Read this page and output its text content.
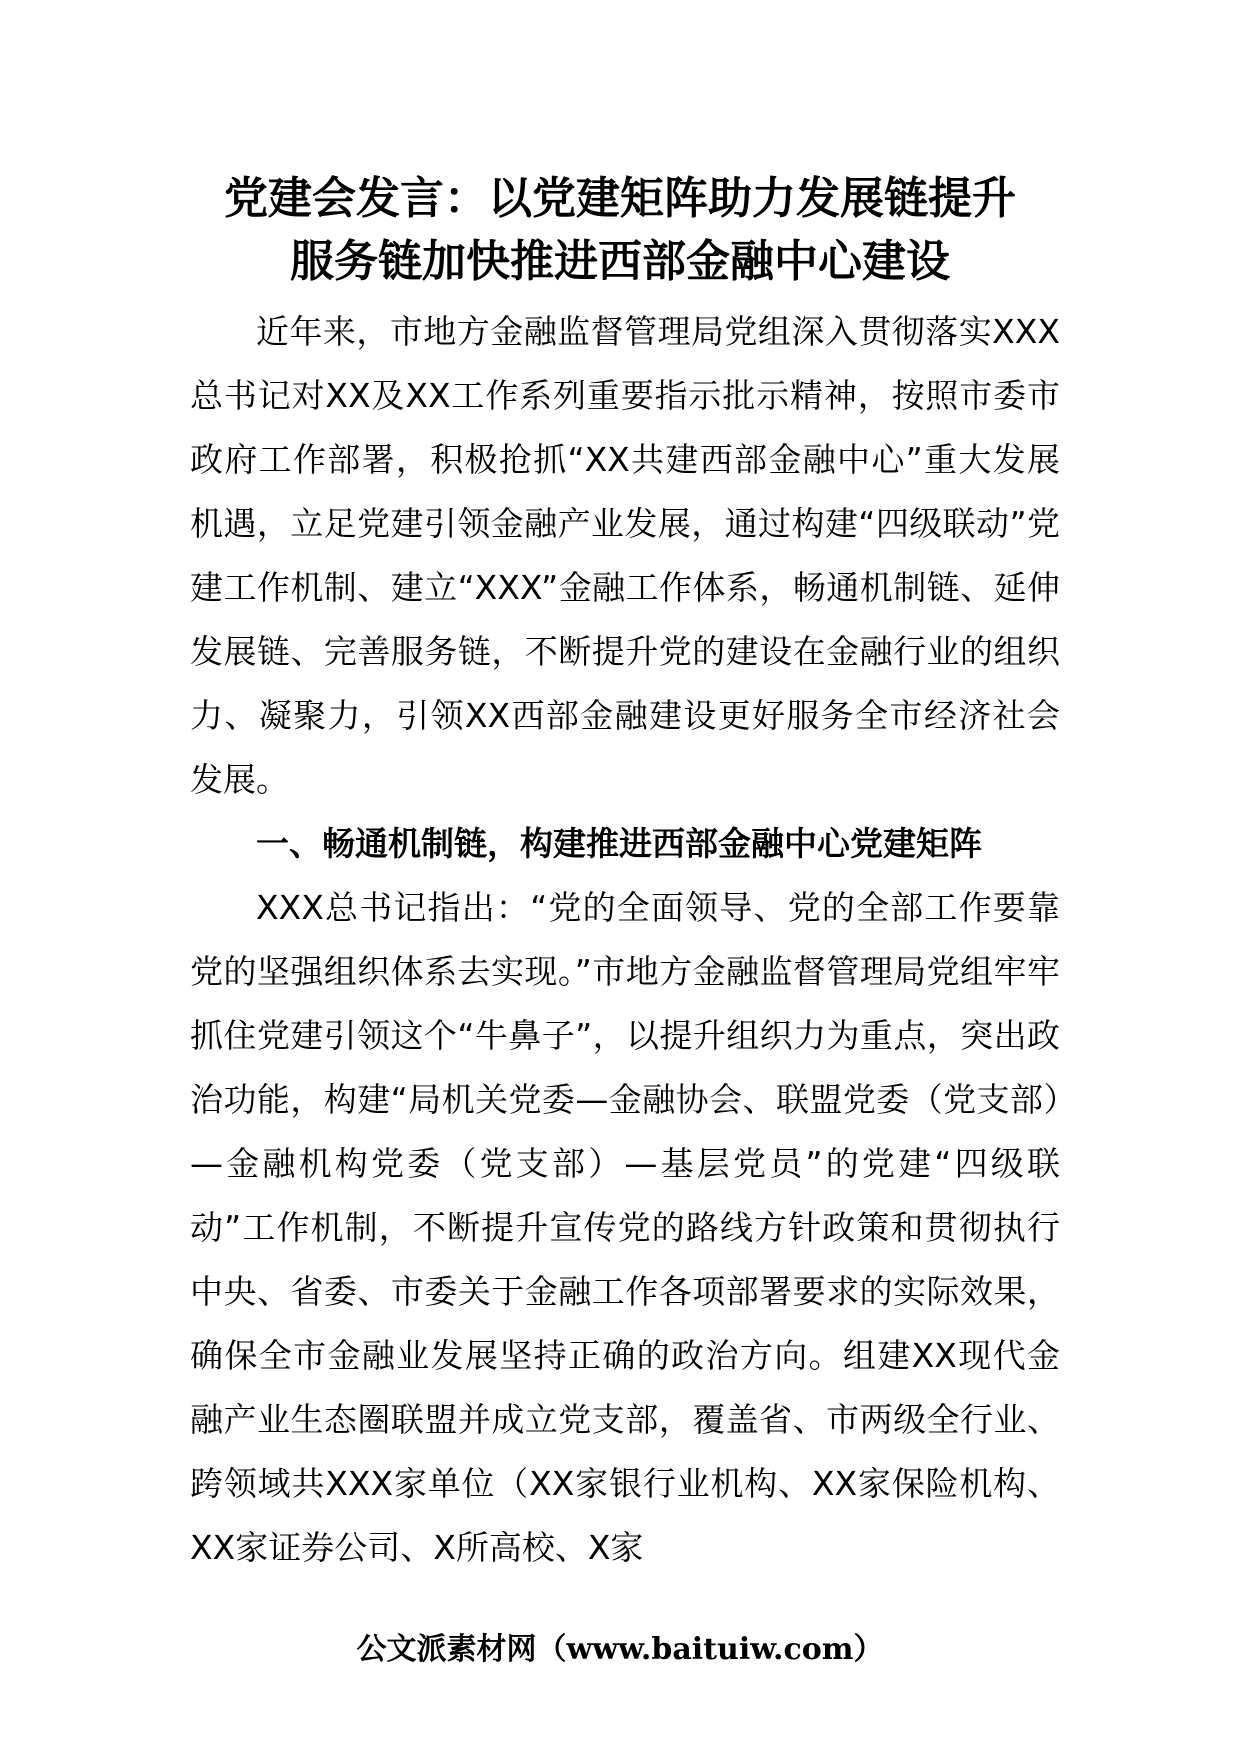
党建会发言：以党建矩阵助力发展链提升
服务链加快推进西部金融中心建设

近年来，市地方金融监督管理局党组深入贯彻落实XXX总书记对XX及XX工作系列重要指示批示精神，按照市委市政府工作部署，积极抢抓“XX共建西部金融中心”重大发展机遇，立足党建引领金融产业发展，通过构建“四级联动”党建工作机制、建立“XXX”金融工作体系，畅通机制链、延伸发展链、完善服务链，不断提升党的建设在金融行业的组织力、凝聚力，引领XX西部金融建设更好服务全市经济社会发展。

一、畅通机制链，构建推进西部金融中心党建矩阵

XXX总书记指出：“党的全面领导、党的全部工作要靠党的坚强组织体系去实现。”市地方金融监督管理局党组牢牢抓住党建引领这个“牛鼻子”，以提升组织力为重点，突出政治功能，构建“局机关党委—金融协会、联盟党委（党支部）—金融机构党委（党支部）—基层党员”的党建“四级联动”工作机制，不断提升宣传党的路线方针政策和贯彻执行中央、省委、市委关于金融工作各项部署要求的实际效果，确保全市金融业发展坚持正确的政治方向。组建XX现代金融产业生态圈联盟并成立党支部，覆盖省、市两级全行业、跨领域共XXX家单位（XX家银行业机构、XX家保险机构、XX家证券公司、X所高校、X家

公文派素材网（www.baituiw.com）
